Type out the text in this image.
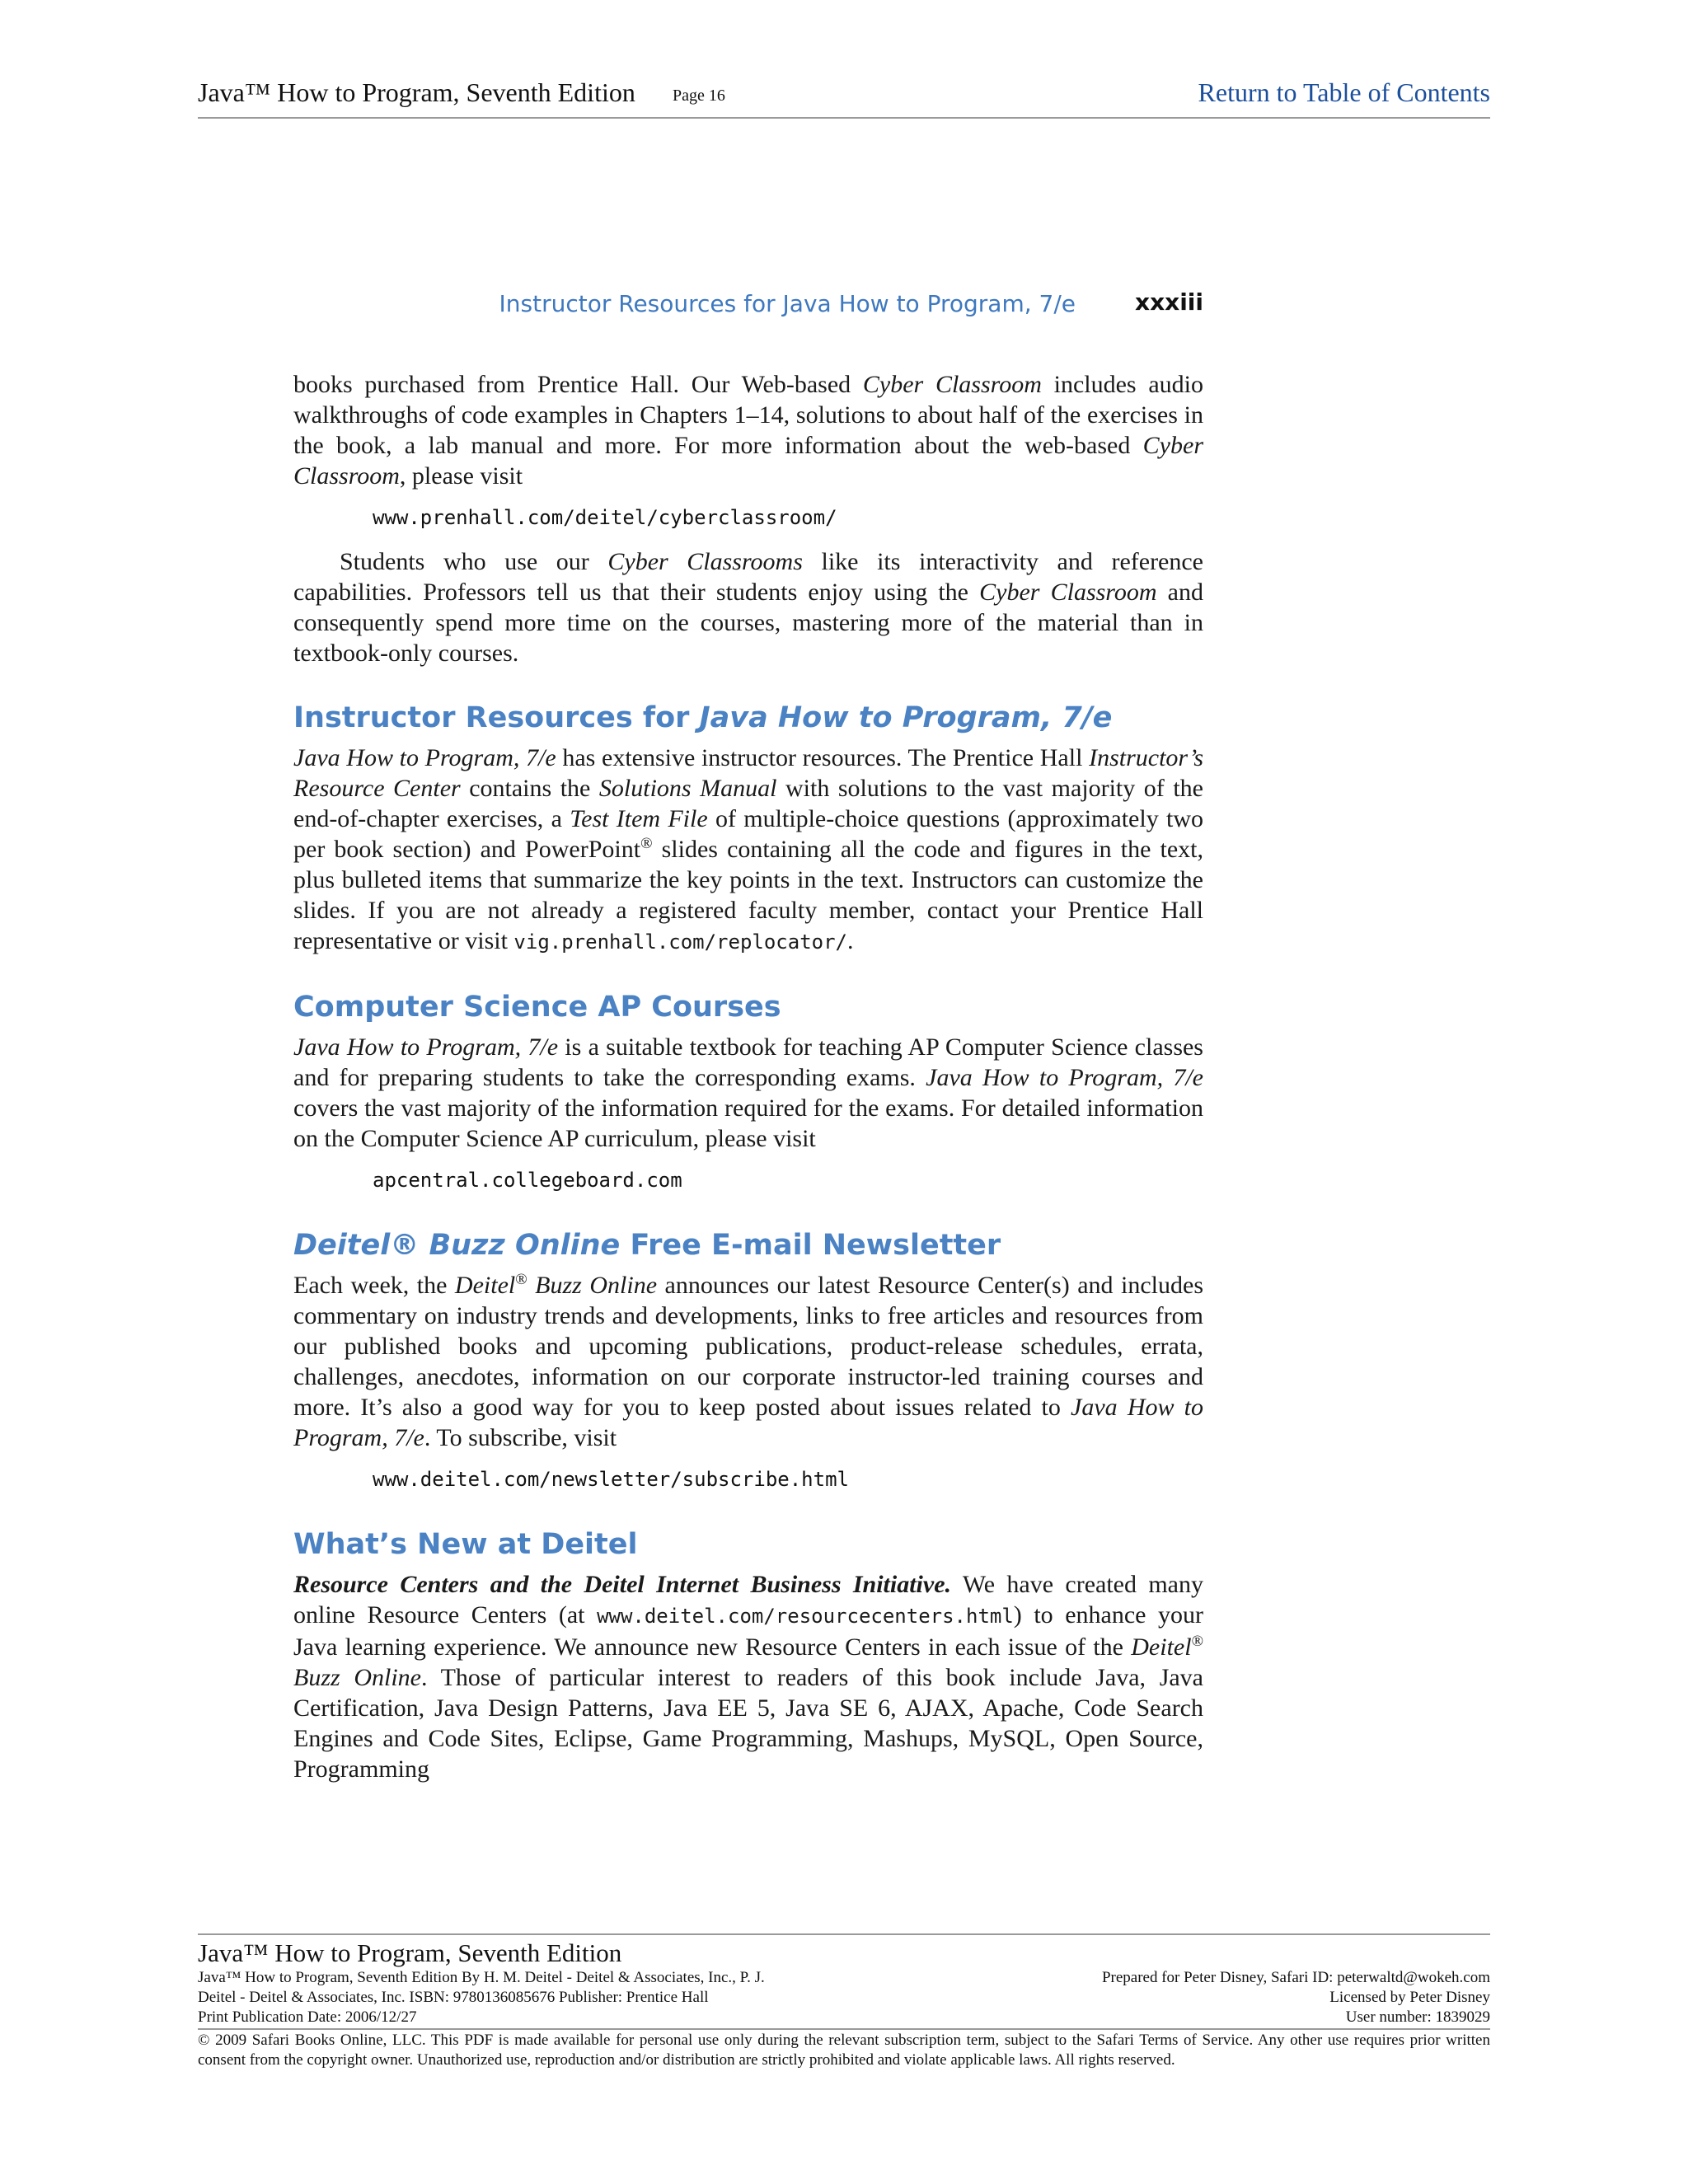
Java™ How to Program, Seventh Edition Page 16	Return to Table of Contents
Instructor Resources for Java How to Program, 7/e	xxxiii

books purchased from Prentice Hall. Our Web-based Cyber Classroom includes audio walkthroughs of code examples in Chapters 1–14, solutions to about half of the exercises in the book, a lab manual and more. For more information about the web-based Cyber Classroom, please visit

www.prenhall.com/deitel/cyberclassroom/

Students who use our Cyber Classrooms like its interactivity and reference capabilities. Professors tell us that their students enjoy using the Cyber Classroom and consequently spend more time on the courses, mastering more of the material than in textbook-only courses.

Instructor Resources for Java How to Program, 7/e

Java How to Program, 7/e has extensive instructor resources. The Prentice Hall Instructor’s Resource Center contains the Solutions Manual with solutions to the vast majority of the end-of-chapter exercises, a Test Item File of multiple-choice questions (approximately two per book section) and PowerPoint® slides containing all the code and figures in the text, plus bulleted items that summarize the key points in the text. Instructors can customize the slides. If you are not already a registered faculty member, contact your Prentice Hall representative or visit vig.prenhall.com/replocator/.

Computer Science AP Courses

Java How to Program, 7/e is a suitable textbook for teaching AP Computer Science classes and for preparing students to take the corresponding exams. Java How to Program, 7/e covers the vast majority of the information required for the exams. For detailed information on the Computer Science AP curriculum, please visit

apcentral.collegeboard.com
Deitel® Buzz Online Free E-mail Newsletter

Each week, the Deitel® Buzz Online announces our latest Resource Center(s) and includes commentary on industry trends and developments, links to free articles and resources from our published books and upcoming publications, product-release schedules, errata, challenges, anecdotes, information on our corporate instructor-led training courses and more. It’s also a good way for you to keep posted about issues related to Java How to Program, 7/e. To subscribe, visit

www.deitel.com/newsletter/subscribe.html
What’s New at Deitel

Resource Centers and the Deitel Internet Business Initiative. We have created many online Resource Centers (at www.deitel.com/resourcecenters.html) to enhance your Java learning experience. We announce new Resource Centers in each issue of the Deitel® Buzz Online. Those of particular interest to readers of this book include Java, Java Certification, Java Design Patterns, Java EE 5, Java SE 6, AJAX, Apache, Code Search Engines and Code Sites, Eclipse, Game Programming, Mashups, MySQL, Open Source, Programming

Java™ How to Program, Seventh Edition
Java™ How to Program, Seventh Edition By H. M. Deitel - Deitel & Associates, Inc., P. J.	Prepared for Peter Disney, Safari ID: peterwaltd@wokeh.com
Deitel - Deitel & Associates, Inc. ISBN: 9780136085676 Publisher: Prentice Hall	Licensed by Peter Disney
Print Publication Date: 2006/12/27	User number: 1839029
© 2009 Safari Books Online, LLC. This PDF is made available for personal use only during the relevant subscription term, subject to the Safari Terms of Service. Any other use requires prior written consent from the copyright owner. Unauthorized use, reproduction and/or distribution are strictly prohibited and violate applicable laws. All rights reserved.
